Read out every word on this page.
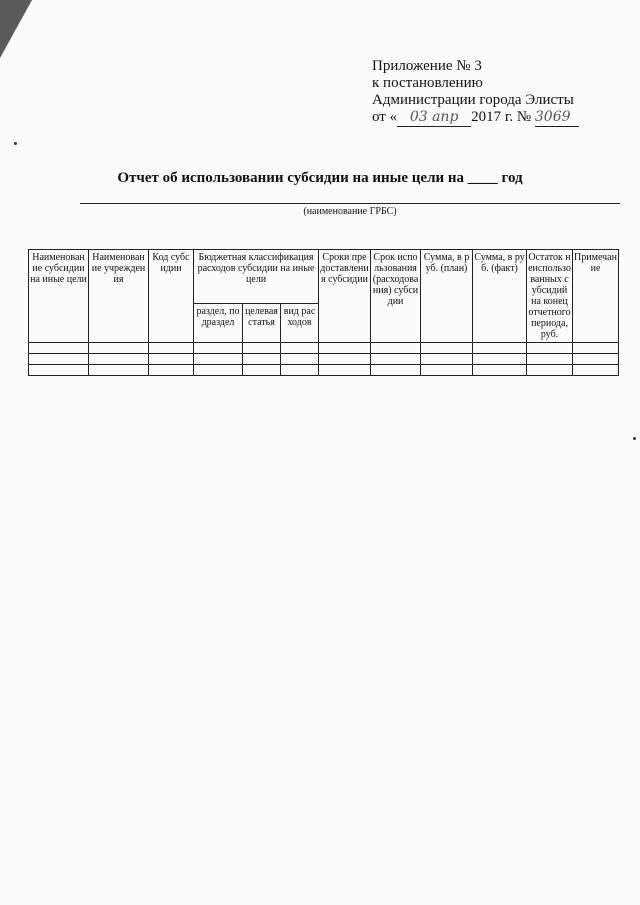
Приложение № 3
к постановлению
Администрации города Элисты
от « 03 апр 2017 г. № 3069
Отчет об использовании субсидии на иные цели на ____ год
(наименование ГРБС)
Наименование субсидии на иные цели	Наименование учреждения	Код субсидии	Бюджетная классификация расходов субсидии на иные цели			Сроки предоставления субсидии	Срок использования (расходования) субсидии	Сумма, в руб. (план)	Сумма, в руб. (факт)	Остаток неиспользованных субсидий на конец отчетного периода, руб.	Примечание
			раздел, подраздел	целевая статья	вид расходов						
